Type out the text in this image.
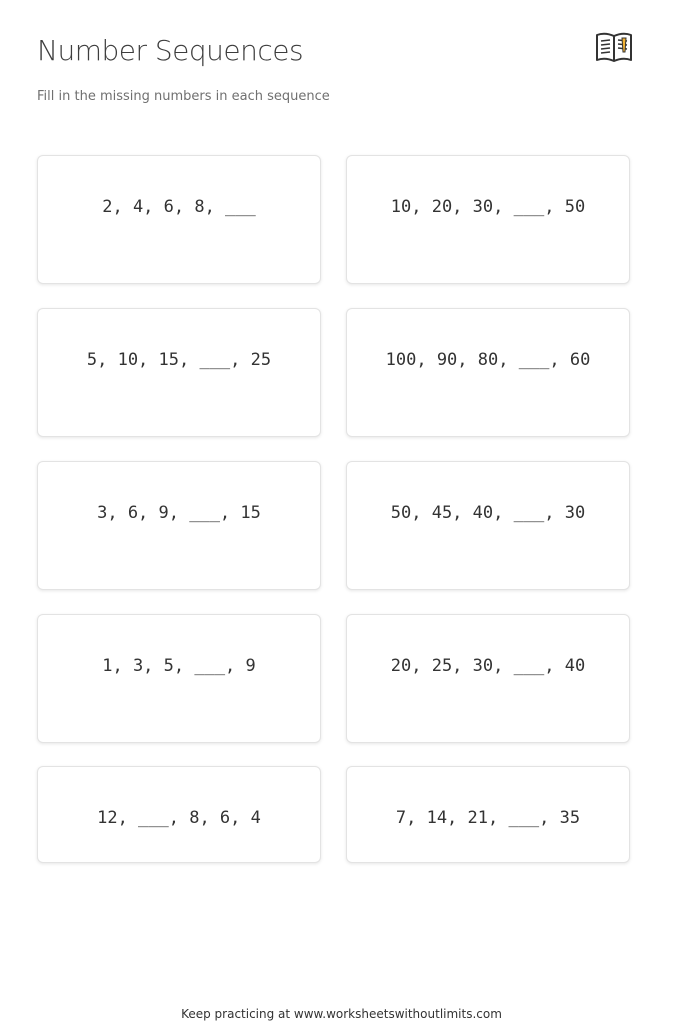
Number Sequences
Fill in the missing numbers in each sequence
2, 4, 6, 8, ___	10, 20, 30, ___, 50
5, 10, 15, ___, 25	100, 90, 80, ___, 60
3, 6, 9, ___, 15	50, 45, 40, ___, 30
1, 3, 5, ___, 9	20, 25, 30, ___, 40
12, ___, 8, 6, 4	7, 14, 21, ___, 35
Keep practicing at www.worksheetswithoutlimits.com
